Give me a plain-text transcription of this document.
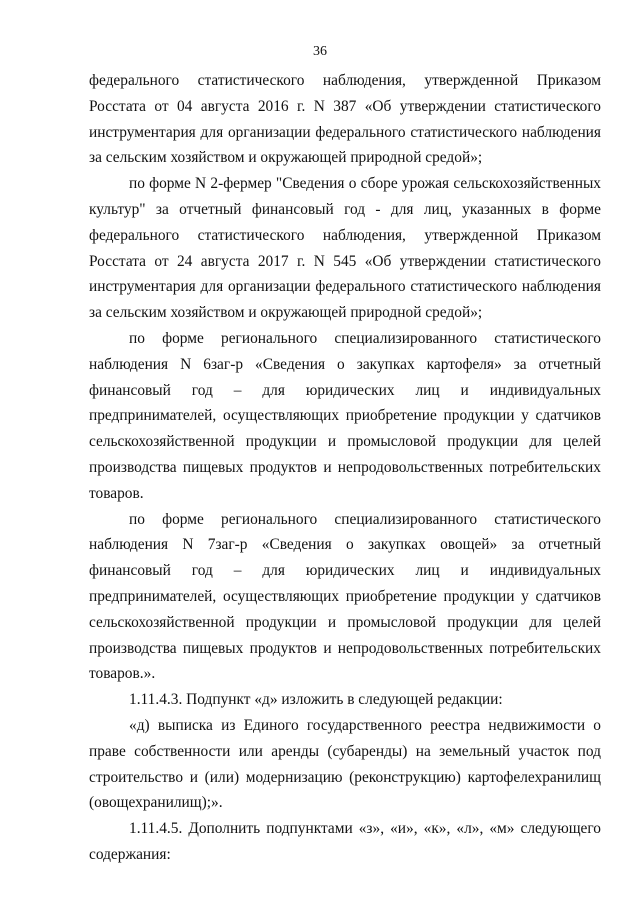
36

федерального статистического наблюдения, утвержденной Приказом Росстата от 04 августа 2016 г. N 387 «Об утверждении статистического инструментария для организации федерального статистического наблюдения за сельским хозяйством и окружающей природной средой»;

по форме N 2-фермер "Сведения о сборе урожая сельскохозяйственных культур" за отчетный финансовый год - для лиц, указанных в форме федерального статистического наблюдения, утвержденной Приказом Росстата от 24 августа 2017 г. N 545 «Об утверждении статистического инструментария для организации федерального статистического наблюдения за сельским хозяйством и окружающей природной средой»;

по форме регионального специализированного статистического наблюдения N 6заг-р «Сведения о закупках картофеля» за отчетный финансовый год – для юридических лиц и индивидуальных предпринимателей, осуществляющих приобретение продукции у сдатчиков сельскохозяйственной продукции и промысловой продукции для целей производства пищевых продуктов и непродовольственных потребительских товаров.

по форме регионального специализированного статистического наблюдения N 7заг-р «Сведения о закупках овощей» за отчетный финансовый год – для юридических лиц и индивидуальных предпринимателей, осуществляющих приобретение продукции у сдатчиков сельскохозяйственной продукции и промысловой продукции для целей производства пищевых продуктов и непродовольственных потребительских товаров.».

1.11.4.3. Подпункт «д» изложить в следующей редакции:

«д) выписка из Единого государственного реестра недвижимости о праве собственности или аренды (субаренды) на земельный участок под строительство и (или) модернизацию (реконструкцию) картофелехранилищ (овощехранилищ);».

1.11.4.5. Дополнить подпунктами «з», «и», «к», «л», «м» следующего содержания:
